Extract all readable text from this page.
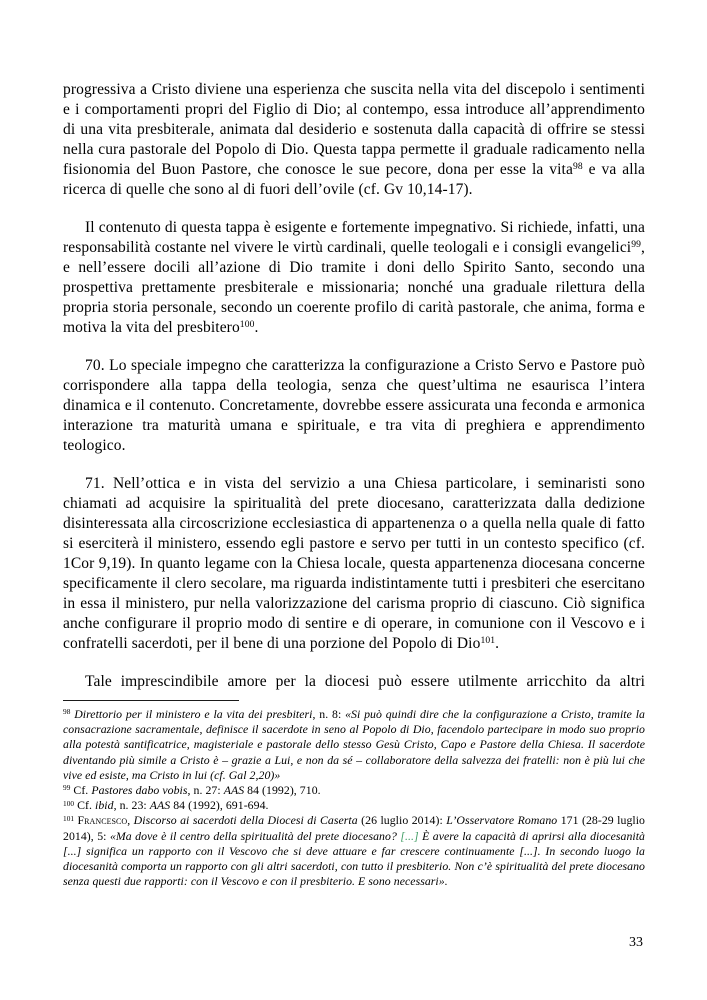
progressiva a Cristo diviene una esperienza che suscita nella vita del discepolo i sentimenti e i comportamenti propri del Figlio di Dio; al contempo, essa introduce all’apprendimento di una vita presbiterale, animata dal desiderio e sostenuta dalla capacità di offrire se stessi nella cura pastorale del Popolo di Dio. Questa tappa permette il graduale radicamento nella fisionomia del Buon Pastore, che conosce le sue pecore, dona per esse la vita$^{98}$ e va alla ricerca di quelle che sono al di fuori dell’ovile (cf. Gv 10,14-17).

Il contenuto di questa tappa è esigente e fortemente impegnativo. Si richiede, infatti, una responsabilità costante nel vivere le virtù cardinali, quelle teologali e i consigli evangelici$^{99}$, e nell’essere docili all’azione di Dio tramite i doni dello Spirito Santo, secondo una prospettiva prettamente presbiterale e missionaria; nonché una graduale rilettura della propria storia personale, secondo un coerente profilo di carità pastorale, che anima, forma e motiva la vita del presbitero$^{100}$.

70. Lo speciale impegno che caratterizza la configurazione a Cristo Servo e Pastore può corrispondere alla tappa della teologia, senza che quest’ultima ne esaurisca l’intera dinamica e il contenuto. Concretamente, dovrebbe essere assicurata una feconda e armonica interazione tra maturità umana e spirituale, e tra vita di preghiera e apprendimento teologico.

71. Nell’ottica e in vista del servizio a una Chiesa particolare, i seminaristi sono chiamati ad acquisire la spiritualità del prete diocesano, caratterizzata dalla dedizione disinteressata alla circoscrizione ecclesiastica di appartenenza o a quella nella quale di fatto si eserciterà il ministero, essendo egli pastore e servo per tutti in un contesto specifico (cf. 1Cor 9,19). In quanto legame con la Chiesa locale, questa appartenenza diocesana concerne specificamente il clero secolare, ma riguarda indistintamente tutti i presbiteri che esercitano in essa il ministero, pur nella valorizzazione del carisma proprio di ciascuno. Ciò significa anche configurare il proprio modo di sentire e di operare, in comunione con il Vescovo e i confratelli sacerdoti, per il bene di una porzione del Popolo di Dio$^{101}$.

Tale imprescindibile amore per la diocesi può essere utilmente arricchito da altri

$^{98}$ Direttorio per il ministero e la vita dei presbiteri, n. 8: «Si può quindi dire che la configurazione a Cristo, tramite la consacrazione sacramentale, definisce il sacerdote in seno al Popolo di Dio, facendolo partecipare in modo suo proprio alla potestà santificatrice, magisteriale e pastorale dello stesso Gesù Cristo, Capo e Pastore della Chiesa. Il sacerdote diventando più simile a Cristo è – grazie a Lui, e non da sé – collaboratore della salvezza dei fratelli: non è più lui che vive ed esiste, ma Cristo in lui (cf. Gal 2,20)»

$^{99}$ Cf. Pastores dabo vobis, n. 27: AAS 84 (1992), 710.

$^{100}$ Cf. ibid, n. 23: AAS 84 (1992), 691-694.

$^{101}$ Francesco, Discorso ai sacerdoti della Diocesi di Caserta (26 luglio 2014): L’Osservatore Romano 171 (28-29 luglio 2014), 5: «Ma dove è il centro della spiritualità del prete diocesano? [...] È avere la capacità di aprirsi alla diocesanità [...] significa un rapporto con il Vescovo che si deve attuare e far crescere continuamente [...]. In secondo luogo la diocesanità comporta un rapporto con gli altri sacerdoti, con tutto il presbiterio. Non c’è spiritualità del prete diocesano senza questi due rapporti: con il Vescovo e con il presbiterio. E sono necessari».

33
